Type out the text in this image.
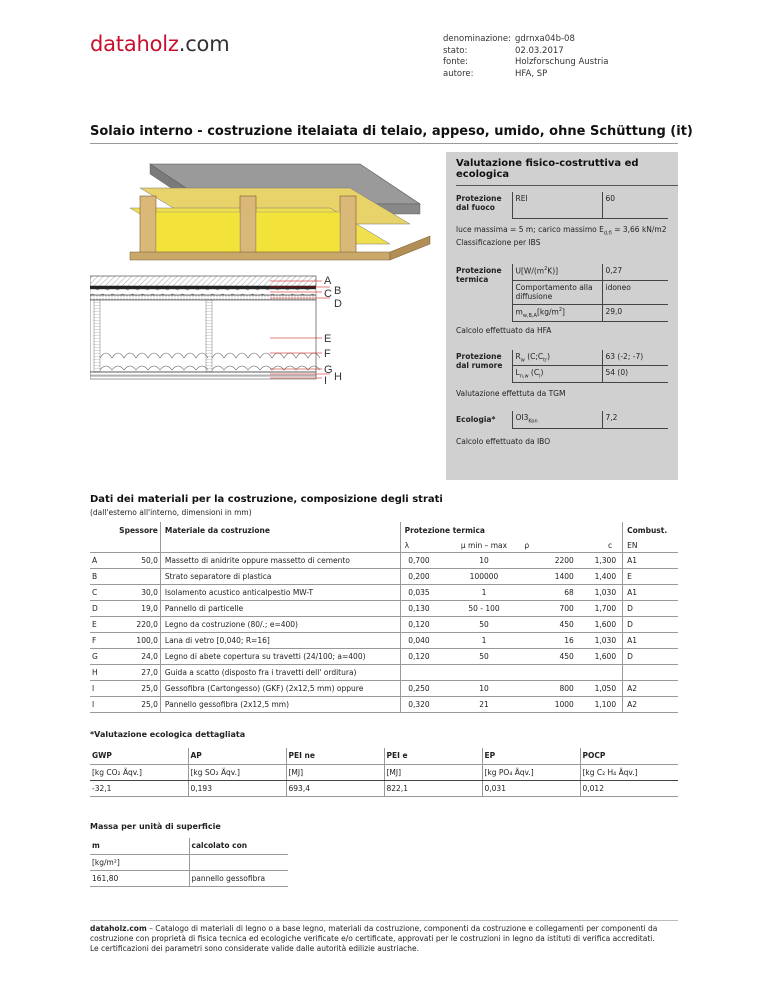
dataholz.com	denominazione: gdrnxa04b-08
stato:	02.03.2017
fonte:	Holzforschung Austria
autore:	HFA, SP
Solaio interno - costruzione itelaiata di telaio, appeso, umido, ohne Schüttung (it)
A
B
C
D
E
F
G
H
I
Valutazione fisico-costruttiva ed ecologica
Protezione dal fuoco	REI	60
luce massima = 5 m; carico massimo $E_{d,fi} = 3,66$ kN/m2
Classificazione per IBS
Protezione termica	$U[W/(m^2K)]$	0,27
	Comportamento alla diffusione	idoneo
	$m_{w,B,A}[kg/m^2]$	29,0
Calcolo effettuato da HFA
Protezione dal rumore	$R_w$ $(C;C_{tr})$	63 (-2; -7)
	$L_{n,w}$ $(C_l)$	54 (0)
Valutazione effettuta da TGM
Ecologia*	$OI3_{Kon}$	7,2
Calcolo effettuato da IBO
Dati dei materiali per la costruzione, composizione degli strati
(dall'esterno all'interno, dimensioni in mm)
	Spessore	Materiale da costruzione	Protezione termica				Combust.
			λ	μ min – max	ρ	c	EN
A	50,0	Massetto di anidrite oppure massetto di cemento	0,700	10	2200	1,300	A1
B		Strato separatore di plastica	0,200	100000	1400	1,400	E
C	30,0	Isolamento acustico anticalpestio MW-T	0,035	1	68	1,030	A1
D	19,0	Pannello di particelle	0,130	50 - 100	700	1,700	D
E	220,0	Legno da costruzione (80/.; e=400)	0,120	50	450	1,600	D
F	100,0	Lana di vetro [0,040; R=16]	0,040	1	16	1,030	A1
G	24,0	Legno di abete copertura su travetti (24/100; a=400)	0,120	50	450	1,600	D
H	27,0	Guida a scatto (disposto fra i travetti dell' orditura)					
I	25,0	Gessofibra (Cartongesso) (GKF) (2x12,5 mm) oppure	0,250	10	800	1,050	A2
I	25,0	Pannello gessofibra (2x12,5 mm)	0,320	21	1000	1,100	A2
*Valutazione ecologica dettagliata
GWP	AP	PEI ne	PEI e	EP	POCP
[kg CO₂ Äqv.]	[kg SO₂ Äqv.]	[MJ]	[MJ]	[kg PO₄ Äqv.]	[kg C₂ H₄ Äqv.]
-32,1	0,193	693,4	822,1	0,031	0,012
Massa per unità di superficie
m	calcolato con
[kg/m²]	
161,80	pannello gessofibra
dataholz.com – Catalogo di materiali di legno o a base legno, materiali da costruzione, componenti da costruzione e collegamenti per componenti da costruzione con proprietà di fisica tecnica ed ecologiche verificate e/o certificate, approvati per le costruzioni in legno da istituti di verifica accreditati.
Le certificazioni dei parametri sono considerate valide dalle autorità edilizie austriache.
